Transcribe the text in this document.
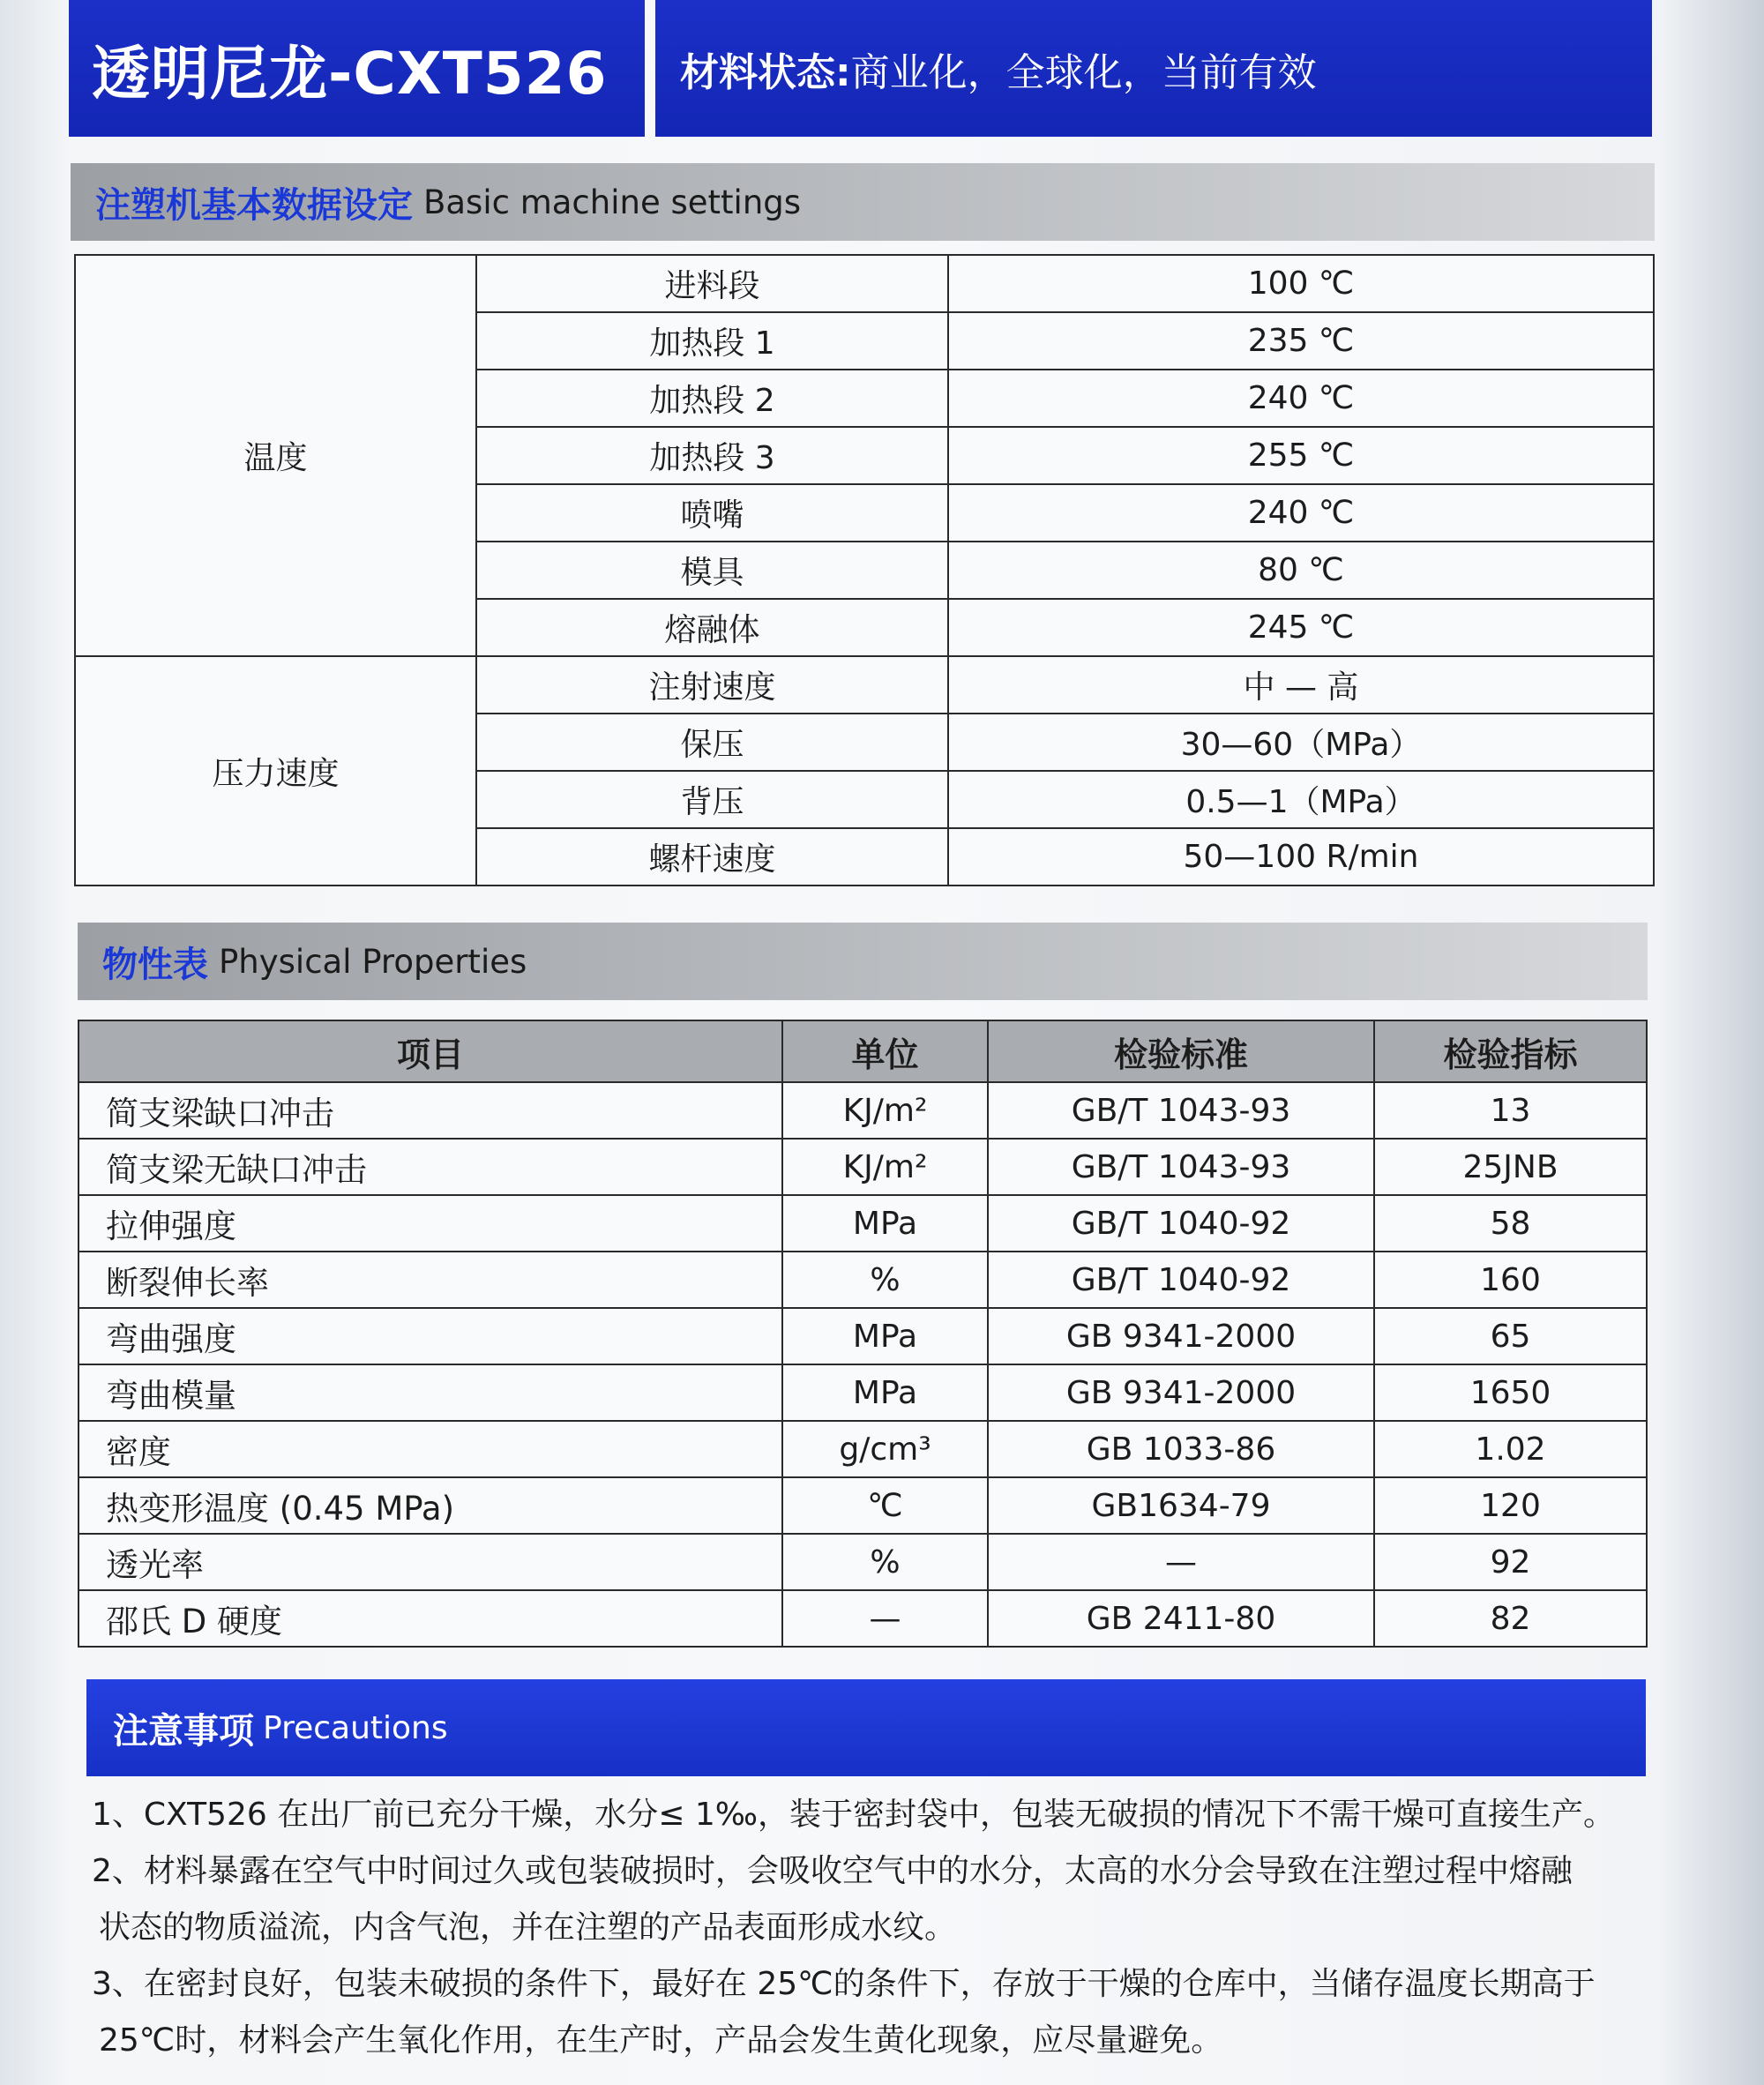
透明尼龙-CXT526	材料状态:商业化，全球化，当前有效
注塑机基本数据设定 Basic machine settings
温度	进料段	100 ℃
	加热段 1	235 ℃
	加热段 2	240 ℃
	加热段 3	255 ℃
	喷嘴	240 ℃
	模具	80 ℃
	熔融体	245 ℃
压力速度	注射速度	中 — 高
	保压	30—60（MPa）
	背压	0.5—1（MPa）
	螺杆速度	50—100 R/min
物性表 Physical Properties
项目	单位	检验标准	检验指标
简支梁缺口冲击	KJ/m²	GB/T 1043-93	13
简支梁无缺口冲击	KJ/m²	GB/T 1043-93	25JNB
拉伸强度	MPa	GB/T 1040-92	58
断裂伸长率	%	GB/T 1040-92	160
弯曲强度	MPa	GB 9341-2000	65
弯曲模量	MPa	GB 9341-2000	1650
密度	g/cm³	GB 1033-86	1.02
热变形温度 (0.45 MPa)	℃	GB1634-79	120
透光率	%	—	92
邵氏 D 硬度	—	GB 2411-80	82
注意事项 Precautions

1、CXT526 在出厂前已充分干燥，水分≤ 1‰，装于密封袋中，包装无破损的情况下不需干燥可直接生产。

2、材料暴露在空气中时间过久或包装破损时，会吸收空气中的水分，太高的水分会导致在注塑过程中熔融

状态的物质溢流，内含气泡，并在注塑的产品表面形成水纹。

3、在密封良好，包装未破损的条件下，最好在 25℃的条件下，存放于干燥的仓库中，当储存温度长期高于

25℃时，材料会产生氧化作用，在生产时，产品会发生黄化现象，应尽量避免。
